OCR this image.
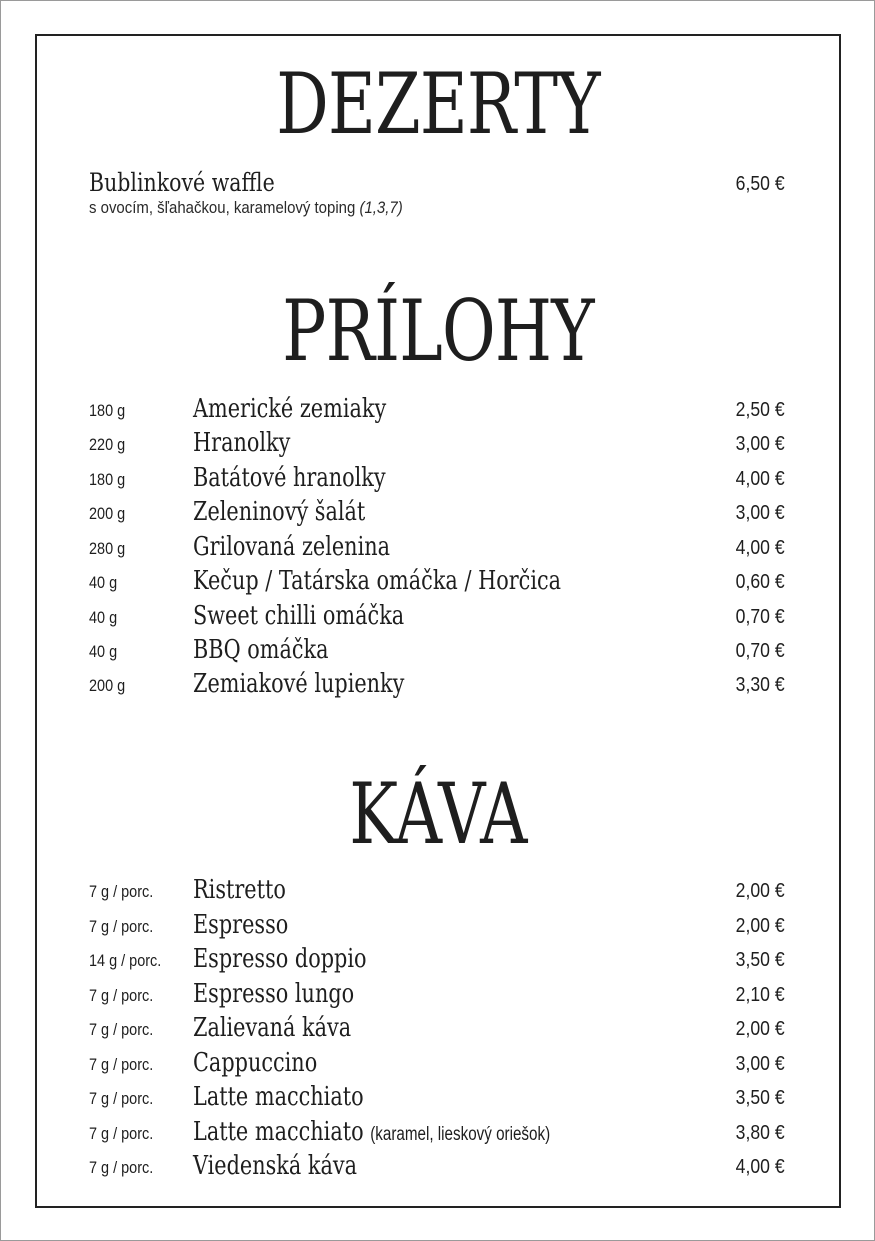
DEZERTY
Bublinkové waffle
s ovocím, šľahačkou, karamelový toping (1,3,7)
6,50 €
PRÍLOHY
180 g	Americké zemiaky	2,50 €
220 g	Hranolky	3,00 €
180 g	Batátové hranolky	4,00 €
200 g	Zeleninový šalát	3,00 €
280 g	Grilovaná zelenina	4,00 €
40 g	Kečup / Tatárska omáčka / Horčica	0,60 €
40 g	Sweet chilli omáčka	0,70 €
40 g	BBQ omáčka	0,70 €
200 g	Zemiakové lupienky	3,30 €
KÁVA
7 g / porc. Ristretto	2,00 €
7 g / porc. Espresso	2,00 €
14 g / porc. Espresso doppio	3,50 €
7 g / porc. Espresso lungo	2,10 €
7 g / porc. Zalievaná káva	2,00 €
7 g / porc. Cappuccino	3,00 €
7 g / porc. Latte macchiato	3,50 €
7 g / porc. Latte macchiato (karamel, lieskový oriešok)	3,80 €
7 g / porc. Viedenská káva	4,00 €
